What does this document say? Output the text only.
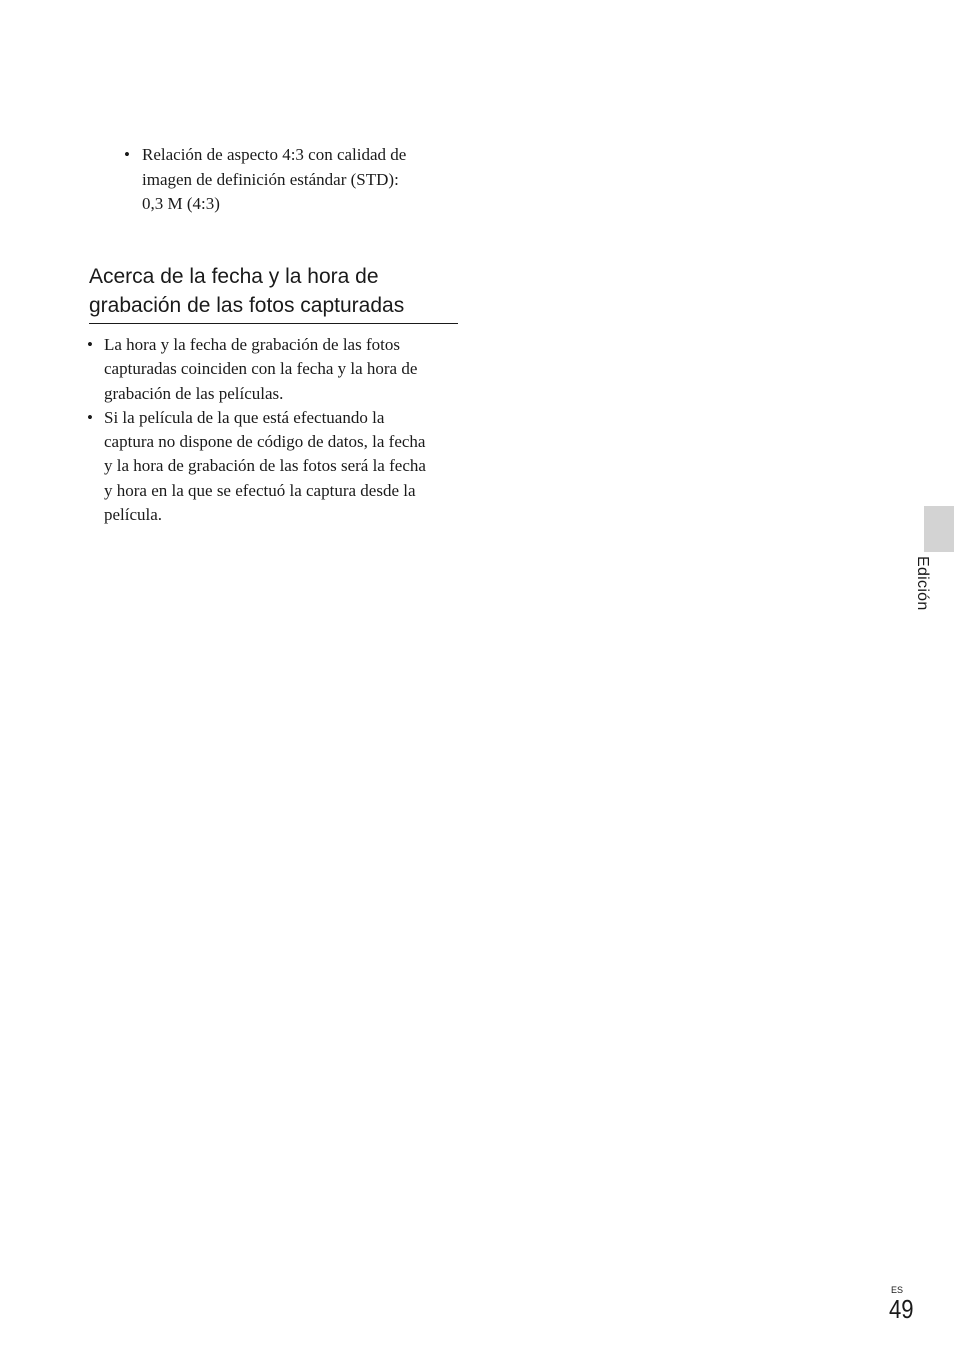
• Relación de aspecto 4:3 con calidad de
imagen de definición estándar (STD):
0,3 M (4:3)
Acerca de la fecha y la hora de
grabación de las fotos capturadas
• La hora y la fecha de grabación de las fotos
capturadas coinciden con la fecha y la hora de
grabación de las películas.
• Si la película de la que está efectuando la
captura no dispone de código de datos, la fecha
y la hora de grabación de las fotos será la fecha
y hora en la que se efectuó la captura desde la
película.
Edición
ES
49
